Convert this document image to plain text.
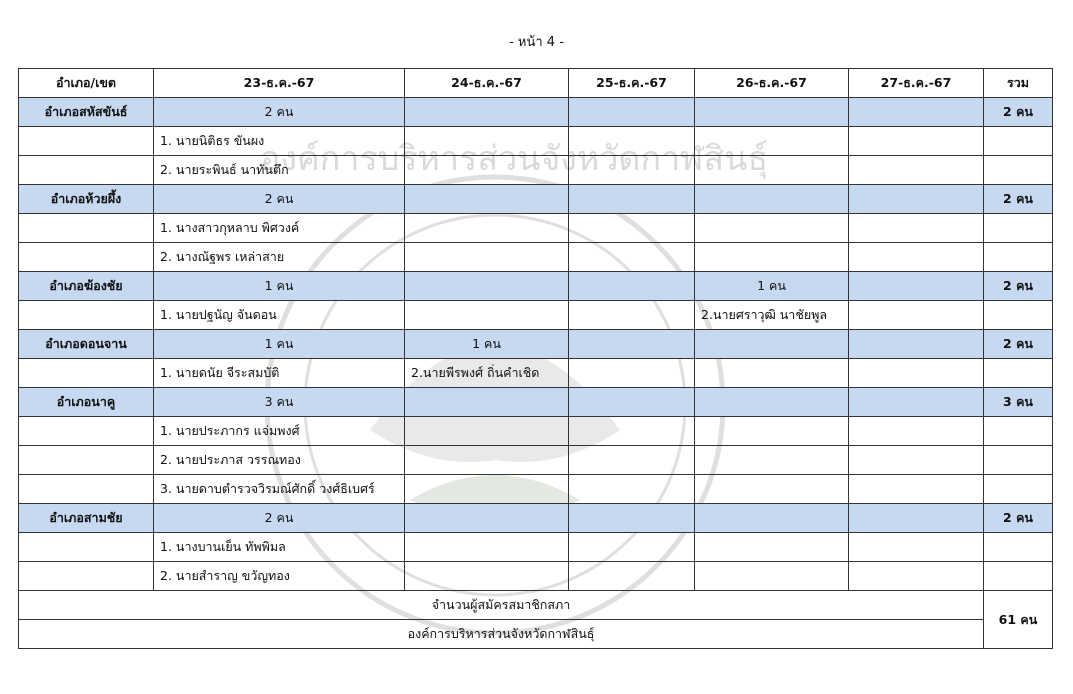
- หน้า 4 -
องค์การบริหารส่วนจังหวัดกาฬสินธุ์
อำเภอ/เขต	23-ธ.ค.-67	24-ธ.ค.-67	25-ธ.ค.-67	26-ธ.ค.-67	27-ธ.ค.-67	รวม
อำเภอสหัสขันธ์	2 คน					2 คน
	1. นายนิติธร ขันผง					
	2. นายระพินธ์ นาทันตึก					
อำเภอห้วยผึ้ง	2 คน					2 คน
	1. นางสาวกุหลาบ พิศวงค์					
	2. นางณัฐพร เหล่าสาย					
อำเภอฆ้องชัย	1 คน			1 คน		2 คน
	1. นายปฐนัญ จันดอน			2.นายศราวุฒิ นาชัยพูล		
อำเภอดอนจาน	1 คน	1 คน				2 คน
	1. นายดนัย จีระสมบัติ	2.นายพีรพงศ์ ถิ่นคำเชิด				
อำเภอนาคู	3 คน					3 คน
	1. นายประภากร แจ่มพงศ์					
	2. นายประภาส วรรณทอง					
	3. นายดาบตำรวจวิรมณ์ศักดิ์ วงศ์ธิเบศร์					
อำเภอสามชัย	2 คน					2 คน
	1. นางบานเย็น ทัพพิมล					
	2. นายสำราญ ขวัญทอง					
จำนวนผู้สมัครสมาชิกสภา						61 คน
องค์การบริหารส่วนจังหวัดกาฬสินธุ์						
